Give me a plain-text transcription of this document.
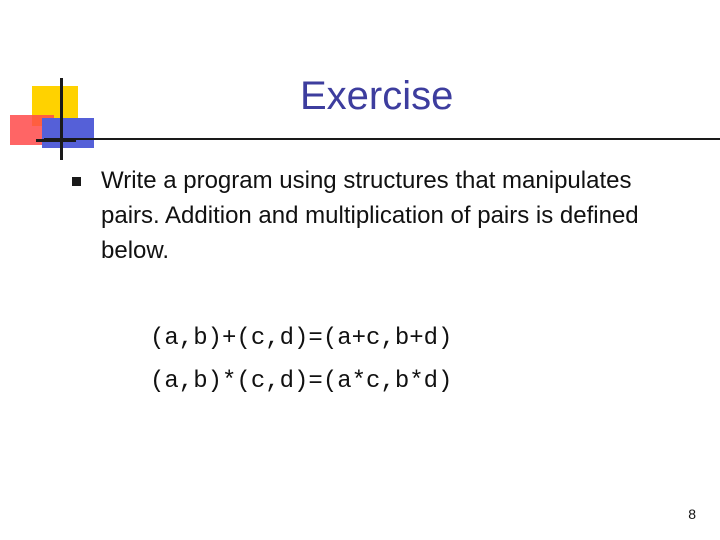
Exercise
Write a program using structures that manipulates pairs. Addition and multiplication of pairs is defined below.
(a,b)+(c,d)=(a+c,b+d)
(a,b)*(c,d)=(a*c,b*d)
8
